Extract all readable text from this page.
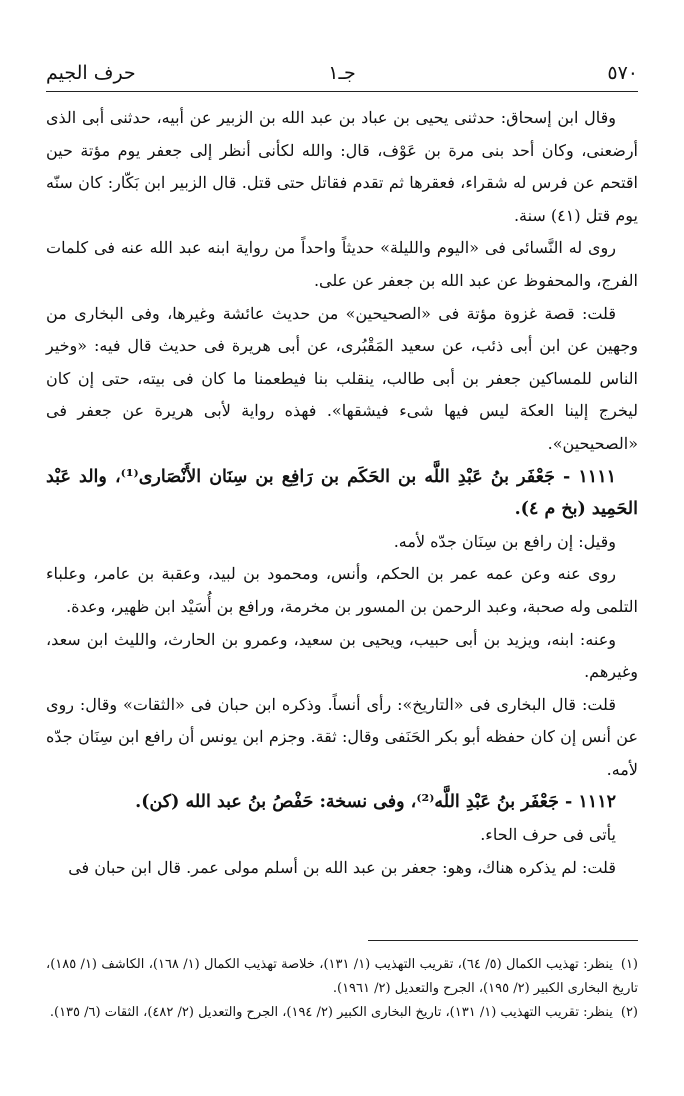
٥٧٠
جـ١
حرف الجيم

وقال ابن إسحاق: حدثنى يحيى بن عباد بن عبد الله بن الزبير عن أبيه، حدثنى أبى الذى أرضعنى، وكان أحد بنى مرة بن عَوْف، قال: والله لكأنى أنظر إلى جعفر يوم مؤتة حين اقتحم عن فرس له شقراء، فعقرها ثم تقدم فقاتل حتى قتل. قال الزبير ابن بَكّار: كان سنّه يوم قتل (٤١) سنة.

روى له النَّسائى فى «اليوم والليلة» حديثاً واحداً من رواية ابنه عبد الله عنه فى كلمات الفرج، والمحفوظ عن عبد الله بن جعفر عن على.

قلت: قصة غزوة مؤتة فى «الصحيحين» من حديث عائشة وغيرها، وفى البخارى من وجهين عن ابن أبى ذئب، عن سعيد المَقْبُرى، عن أبى هريرة فى حديث قال فيه: «وخير الناس للمساكين جعفر بن أبى طالب، ينقلب بنا فيطعمنا ما كان فى بيته، حتى إن كان ليخرج إلينا العكة ليس فيها شىء فيشقها». فهذه رواية لأبى هريرة عن جعفر فى «الصحيحين».

١١١١ - جَعْفَر بنُ عَبْدِ اللَّه بن الحَكَم بن رَافِع بن سِنَان الأَنْصَارى⁽¹⁾، والد عَبْد الحَمِيد (بخ م ٤).

وقيل: إن رافع بن سِنَان جدّه لأمه.

روى عنه وعن عمه عمر بن الحكم، وأنس، ومحمود بن لبيد، وعقبة بن عامر، وعلباء التلمى وله صحبة، وعبد الرحمن بن المسور بن مخرمة، ورافع بن أُسَيْد ابن ظهير، وعدة.

وعنه: ابنه، ويزيد بن أبى حبيب، ويحيى بن سعيد، وعمرو بن الحارث، والليث ابن سعد، وغيرهم.

قلت: قال البخارى فى «التاريخ»: رأى أنساً. وذكره ابن حبان فى «الثقات» وقال: روى عن أنس إن كان حفظه أبو بكر الحَنَفى وقال: ثقة. وجزم ابن يونس أن رافع ابن سِنَان جدّه لأمه.

١١١٢ - جَعْفَر بنُ عَبْدِ اللَّه⁽²⁾، وفى نسخة: حَفْصُ بنُ عبد الله (كن).

يأتى فى حرف الحاء.

قلت: لم يذكره هناك، وهو: جعفر بن عبد الله بن أسلم مولى عمر. قال ابن حبان فى

(١)ينظر: تهذيب الكمال (٥/ ٦٤)، تقريب التهذيب (١/ ١٣١)، خلاصة تهذيب الكمال (١/ ١٦٨)، الكاشف (١/ ١٨٥)، تاريخ البخارى الكبير (٢/ ١٩٥)، الجرح والتعديل (٢/ ١٩٦١).

(٢)ينظر: تقريب التهذيب (١/ ١٣١)، تاريخ البخارى الكبير (٢/ ١٩٤)، الجرح والتعديل (٢/ ٤٨٢)، الثقات (٦/ ١٣٥).
